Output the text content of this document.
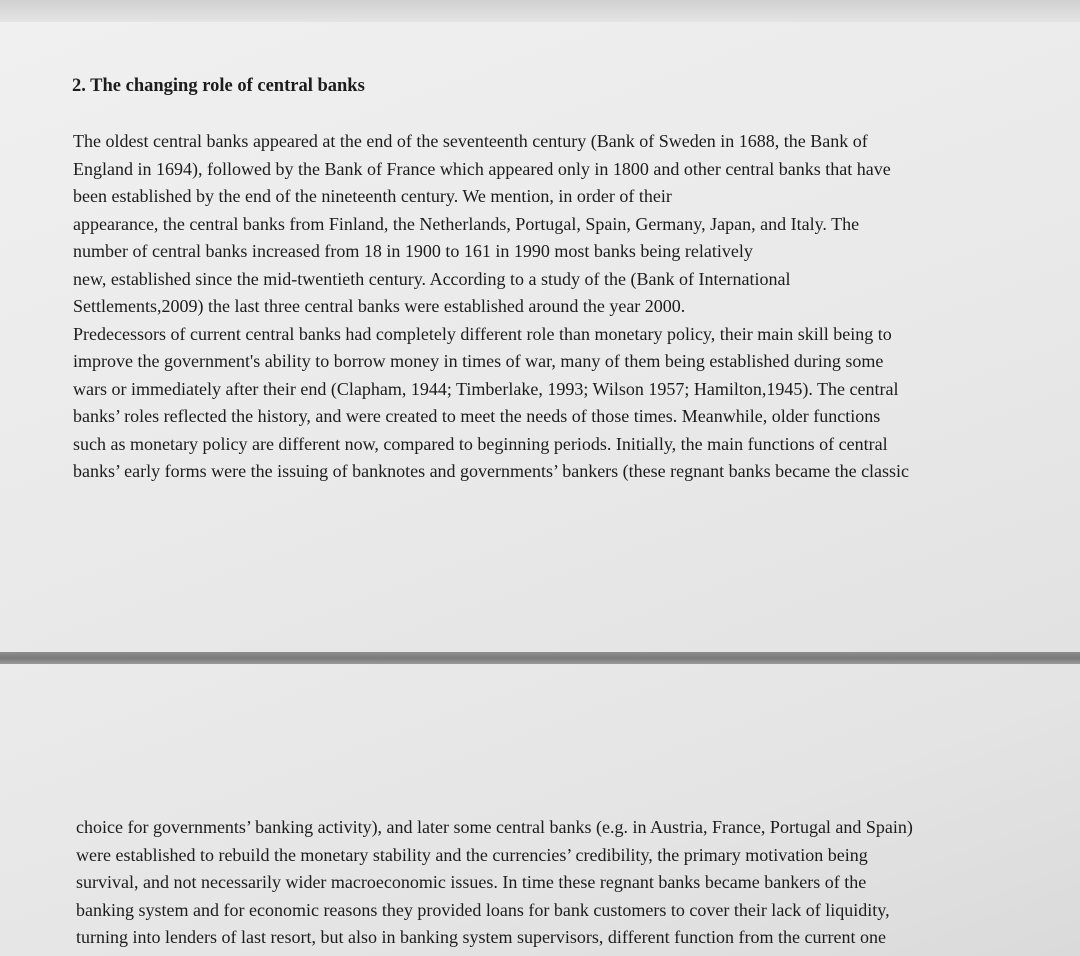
2. The changing role of central banks
The oldest central banks appeared at the end of the seventeenth century (Bank of Sweden in 1688, the Bank of
England in 1694), followed by the Bank of France which appeared only in 1800 and other central banks that have
been established by the end of the nineteenth century. We mention, in order of their
appearance, the central banks from Finland, the Netherlands, Portugal, Spain, Germany, Japan, and Italy. The
number of central banks increased from 18 in 1900 to 161 in 1990 most banks being relatively
new, established since the mid-twentieth century. According to a study of the (Bank of International
Settlements,2009) the last three central banks were established around the year 2000.
Predecessors of current central banks had completely different role than monetary policy, their main skill being to
improve the government's ability to borrow money in times of war, many of them being established during some
wars or immediately after their end (Clapham, 1944; Timberlake, 1993; Wilson 1957; Hamilton,1945). The central
banks’ roles reflected the history, and were created to meet the needs of those times. Meanwhile, older functions
such as monetary policy are different now, compared to beginning periods. Initially, the main functions of central
banks’ early forms were the issuing of banknotes and governments’ bankers (these regnant banks became the classic
choice for governments’ banking activity), and later some central banks (e.g. in Austria, France, Portugal and Spain)
were established to rebuild the monetary stability and the currencies’ credibility, the primary motivation being
survival, and not necessarily wider macroeconomic issues. In time these regnant banks became bankers of the
banking system and for economic reasons they provided loans for bank customers to cover their lack of liquidity,
turning into lenders of last resort, but also in banking system supervisors, different function from the current one
